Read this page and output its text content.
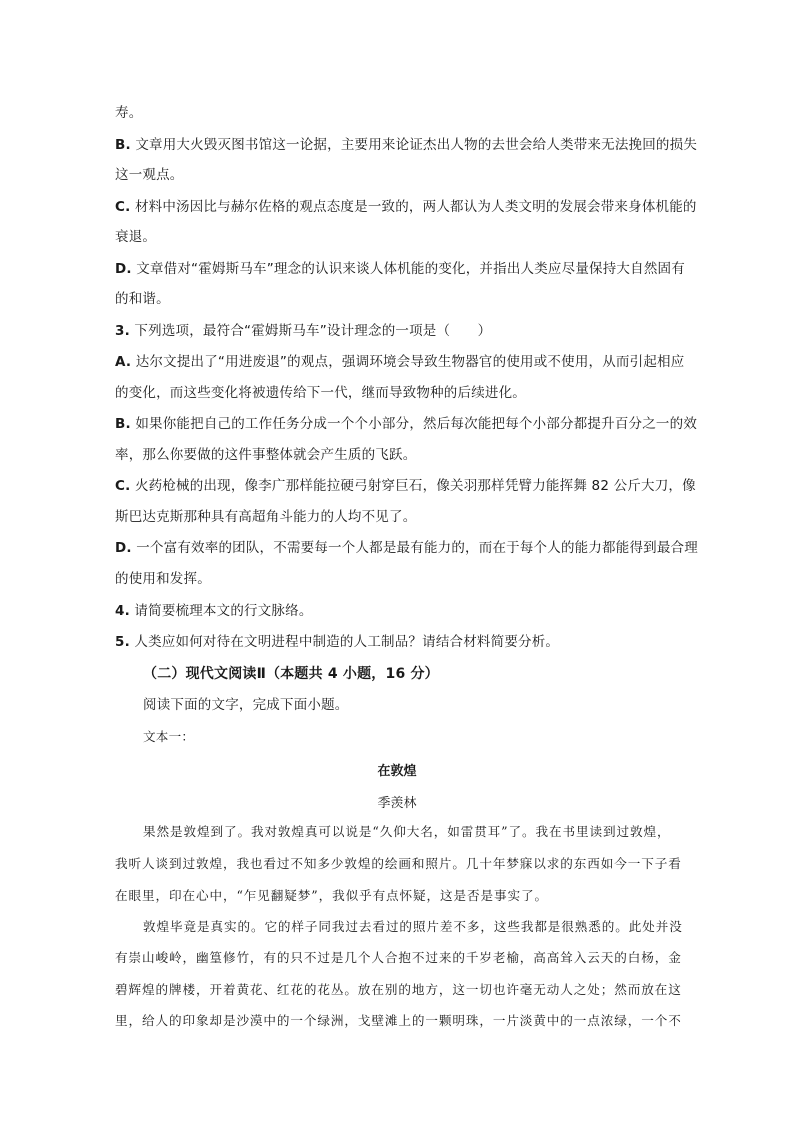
寿。
B. 文章用大火毁灭图书馆这一论据，主要用来论证杰出人物的去世会给人类带来无法挽回的损失
这一观点。
C. 材料中汤因比与赫尔佐格的观点态度是一致的，两人都认为人类文明的发展会带来身体机能的
衰退。
D. 文章借对“霍姆斯马车”理念的认识来谈人体机能的变化，并指出人类应尽量保持大自然固有
的和谐。
3. 下列选项，最符合“霍姆斯马车”设计理念的一项是（　　）
A. 达尔文提出了“用进废退”的观点，强调环境会导致生物器官的使用或不使用，从而引起相应
的变化，而这些变化将被遗传给下一代，继而导致物种的后续进化。
B. 如果你能把自己的工作任务分成一个个小部分，然后每次能把每个小部分都提升百分之一的效
率，那么你要做的这件事整体就会产生质的飞跃。
C. 火药枪械的出现，像李广那样能拉硬弓射穿巨石，像关羽那样凭臂力能挥舞 82 公斤大刀，像
斯巴达克斯那种具有高超角斗能力的人均不见了。
D. 一个富有效率的团队，不需要每一个人都是最有能力的，而在于每个人的能力都能得到最合理
的使用和发挥。
4. 请简要梳理本文的行文脉络。
5. 人类应如何对待在文明进程中制造的人工制品？请结合材料简要分析。
（二）现代文阅读Ⅱ（本题共 4 小题，16 分）
阅读下面的文字，完成下面小题。
文本一：
在敦煌
季羡林
果然是敦煌到了。我对敦煌真可以说是“久仰大名，如雷贯耳”了。我在书里读到过敦煌，
我听人谈到过敦煌，我也看过不知多少敦煌的绘画和照片。几十年梦寐以求的东西如今一下子看
在眼里，印在心中，“乍见翻疑梦”，我似乎有点怀疑，这是否是事实了。
敦煌毕竟是真实的。它的样子同我过去看过的照片差不多，这些我都是很熟悉的。此处并没
有崇山峻岭，幽篁修竹，有的只不过是几个人合抱不过来的千岁老榆，高高耸入云天的白杨，金
碧辉煌的牌楼，开着黄花、红花的花丛。放在别的地方，这一切也许毫无动人之处；然而放在这
里，给人的印象却是沙漠中的一个绿洲，戈壁滩上的一颗明珠，一片淡黄中的一点浓绿，一个不
